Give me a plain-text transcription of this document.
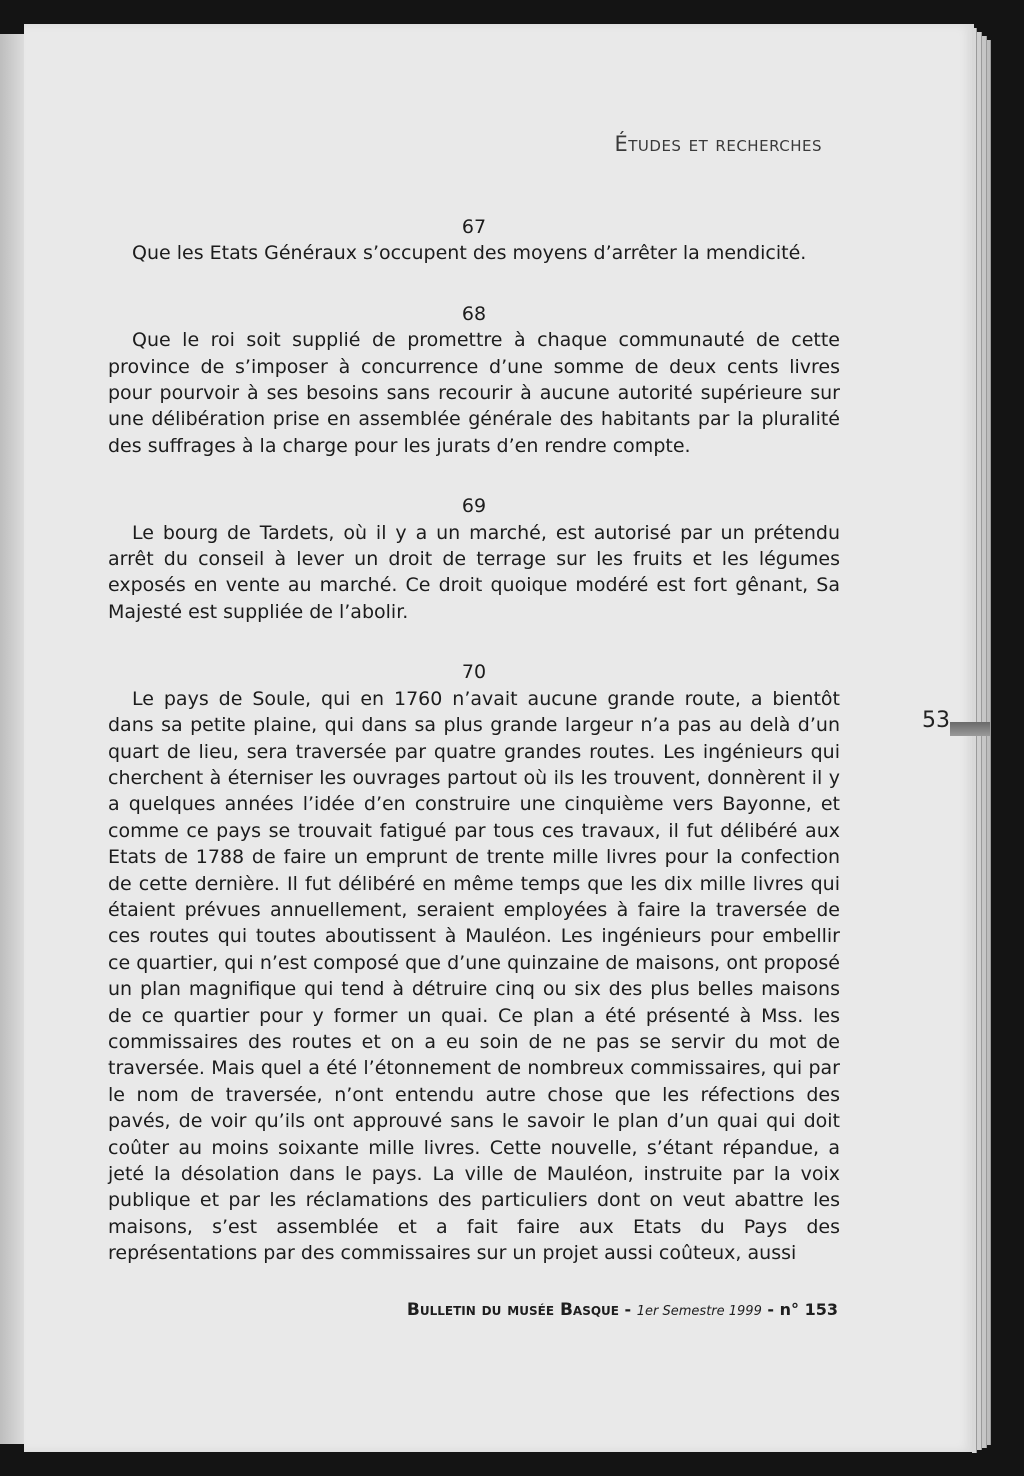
Études et recherches

67

Que les Etats Généraux s’occupent des moyens d’arrêter la mendicité.

68

Que le roi soit supplié de promettre à chaque communauté de cette province de s’imposer à concurrence d’une somme de deux cents livres pour pourvoir à ses besoins sans recourir à aucune autorité supérieure sur une délibération prise en assemblée générale des habitants par la pluralité des suffrages à la charge pour les jurats d’en rendre compte.

69

Le bourg de Tardets, où il y a un marché, est autorisé par un prétendu arrêt du conseil à lever un droit de terrage sur les fruits et les légumes exposés en vente au marché. Ce droit quoique modéré est fort gênant, Sa Majesté est suppliée de l’abolir.

70

Le pays de Soule, qui en 1760 n’avait aucune grande route, a bientôt dans sa petite plaine, qui dans sa plus grande largeur n’a pas au delà d’un quart de lieu, sera traversée par quatre grandes routes. Les ingénieurs qui cherchent à éterniser les ouvrages partout où ils les trouvent, donnèrent il y a quelques années l’idée d’en construire une cinquième vers Bayonne, et comme ce pays se trouvait fatigué par tous ces travaux, il fut délibéré aux Etats de 1788 de faire un emprunt de trente mille livres pour la confection de cette dernière. Il fut délibéré en même temps que les dix mille livres qui étaient prévues annuellement, seraient employées à faire la traversée de ces routes qui toutes aboutissent à Mauléon. Les ingénieurs pour embellir ce quartier, qui n’est composé que d’une quinzaine de maisons, ont proposé un plan magnifique qui tend à détruire cinq ou six des plus belles maisons de ce quartier pour y former un quai. Ce plan a été présenté à Mss. les commissaires des routes et on a eu soin de ne pas se servir du mot de traversée. Mais quel a été l’étonnement de nombreux commissaires, qui par le nom de traversée, n’ont entendu autre chose que les réfections des pavés, de voir qu’ils ont approuvé sans le savoir le plan d’un quai qui doit coûter au moins soixante mille livres. Cette nouvelle, s’étant répandue, a jeté la désolation dans le pays. La ville de Mauléon, instruite par la voix publique et par les réclamations des particuliers dont on veut abattre les maisons, s’est assemblée et a fait faire aux Etats du Pays des représentations par des commissaires sur un projet aussi coûteux, aussi

53
Bulletin du musée Basque - 1er Semestre 1999 - n° 153
